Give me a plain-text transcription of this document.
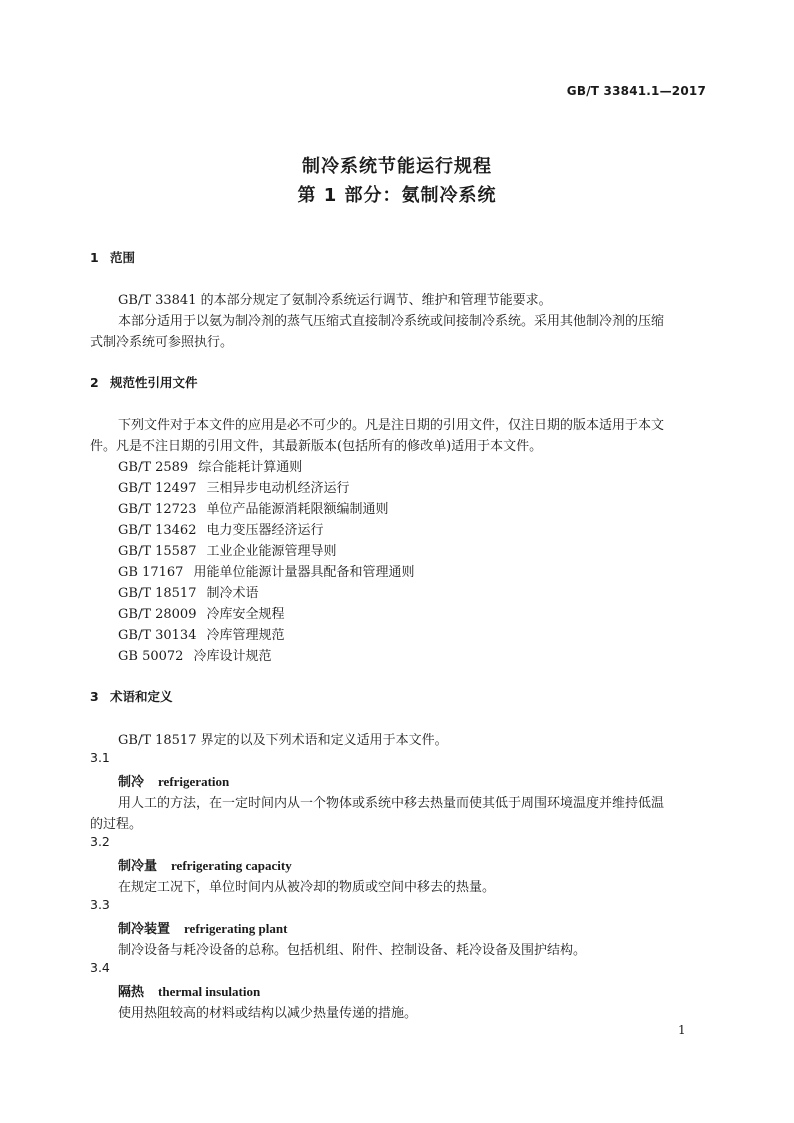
GB/T 33841.1—2017
制冷系统节能运行规程
第 1 部分：氨制冷系统
1 范围
GB/T 33841 的本部分规定了氨制冷系统运行调节、维护和管理节能要求。
本部分适用于以氨为制冷剂的蒸气压缩式直接制冷系统或间接制冷系统。采用其他制冷剂的压缩
式制冷系统可参照执行。
2 规范性引用文件
下列文件对于本文件的应用是必不可少的。凡是注日期的引用文件，仅注日期的版本适用于本文
件。凡是不注日期的引用文件，其最新版本(包括所有的修改单)适用于本文件。
GB/T 2589 综合能耗计算通则
GB/T 12497 三相异步电动机经济运行
GB/T 12723 单位产品能源消耗限额编制通则
GB/T 13462 电力变压器经济运行
GB/T 15587 工业企业能源管理导则
GB 17167 用能单位能源计量器具配备和管理通则
GB/T 18517 制冷术语
GB/T 28009 冷库安全规程
GB/T 30134 冷库管理规范
GB 50072 冷库设计规范
3 术语和定义
GB/T 18517 界定的以及下列术语和定义适用于本文件。
3.1
制冷 refrigeration
用人工的方法，在一定时间内从一个物体或系统中移去热量而使其低于周围环境温度并维持低温
的过程。
3.2
制冷量 refrigerating capacity
在规定工况下，单位时间内从被冷却的物质或空间中移去的热量。
3.3
制冷装置 refrigerating plant
制冷设备与耗冷设备的总称。包括机组、附件、控制设备、耗冷设备及围护结构。
3.4
隔热 thermal insulation
使用热阻较高的材料或结构以减少热量传递的措施。
1
